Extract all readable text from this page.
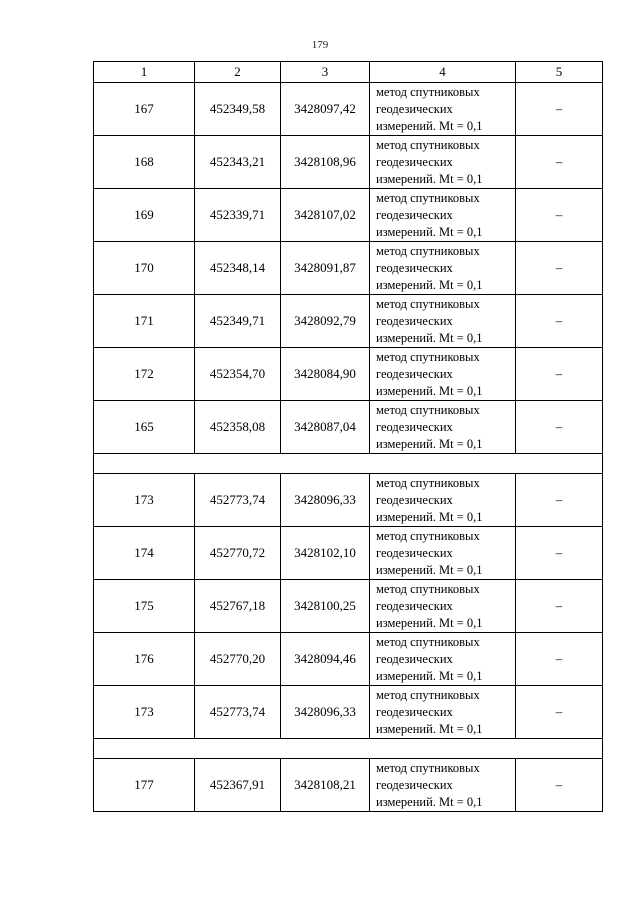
179
1	2	3	4	5
167	452349,58	3428097,42	метод спутниковых
геодезических
измерений. Mt = 0,1	–
168	452343,21	3428108,96	метод спутниковых
геодезических
измерений. Mt = 0,1	–
169	452339,71	3428107,02	метод спутниковых
геодезических
измерений. Mt = 0,1	–
170	452348,14	3428091,87	метод спутниковых
геодезических
измерений. Mt = 0,1	–
171	452349,71	3428092,79	метод спутниковых
геодезических
измерений. Mt = 0,1	–
172	452354,70	3428084,90	метод спутниковых
геодезических
измерений. Mt = 0,1	–
165	452358,08	3428087,04	метод спутниковых
геодезических
измерений. Mt = 0,1	–

173	452773,74	3428096,33	метод спутниковых
геодезических
измерений. Mt = 0,1	–
174	452770,72	3428102,10	метод спутниковых
геодезических
измерений. Mt = 0,1	–
175	452767,18	3428100,25	метод спутниковых
геодезических
измерений. Mt = 0,1	–
176	452770,20	3428094,46	метод спутниковых
геодезических
измерений. Mt = 0,1	–
173	452773,74	3428096,33	метод спутниковых
геодезических
измерений. Mt = 0,1	–

177	452367,91	3428108,21	метод спутниковых
геодезических
измерений. Mt = 0,1	–
